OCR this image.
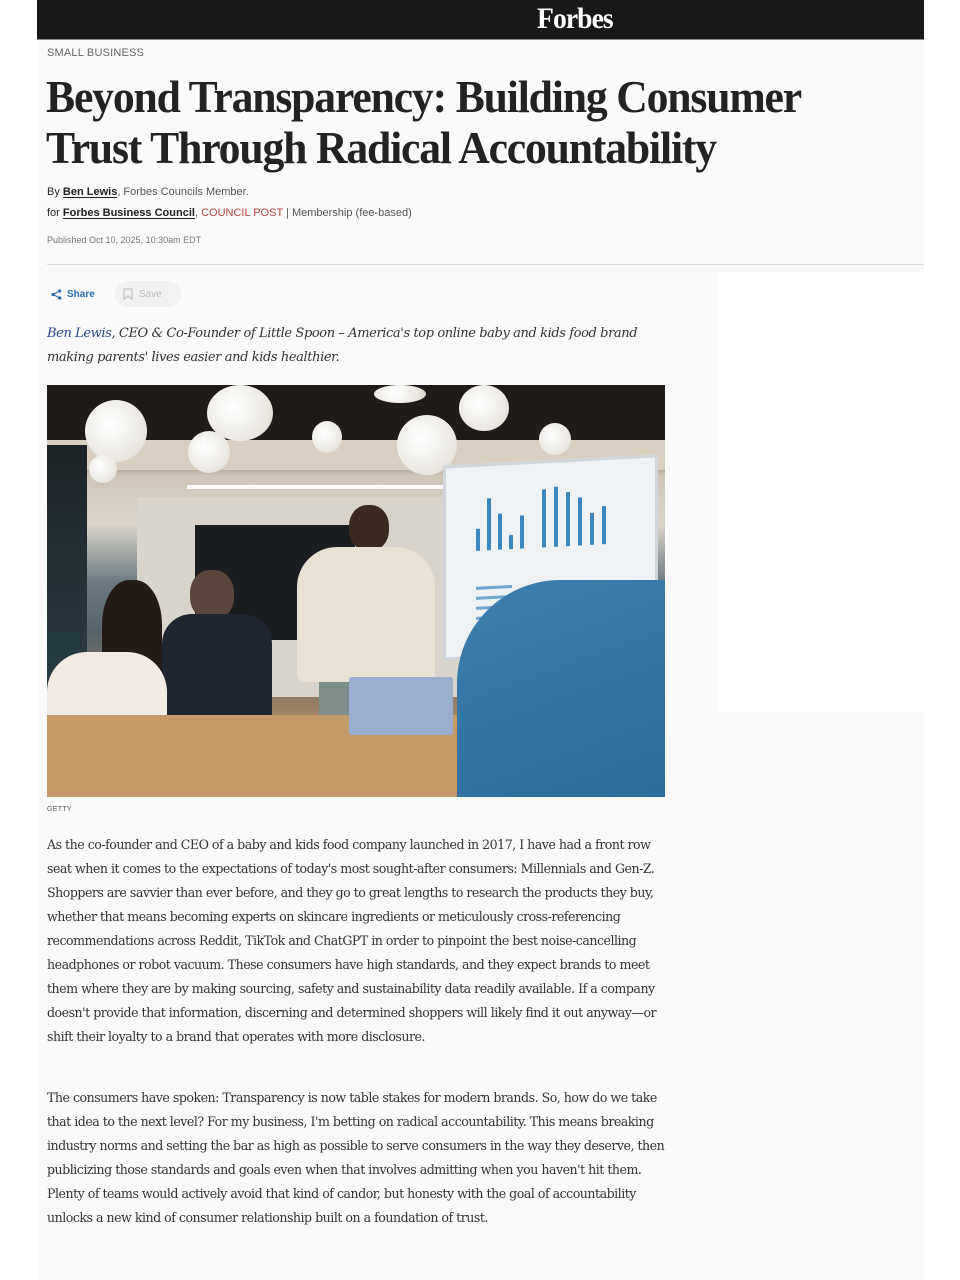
Forbes
SMALL BUSINESS
Beyond Transparency: Building Consumer Trust Through Radical Accountability
By Ben Lewis, Forbes Councils Member.
for Forbes Business Council, COUNCIL POST | Membership (fee-based)
Published Oct 10, 2025, 10:30am EDT
Share	Save

Ben Lewis, CEO & Co-Founder of Little Spoon – America's top online baby and kids food brand making parents' lives easier and kids healthier.

GETTY

As the co-founder and CEO of a baby and kids food company launched in 2017, I have had a front row seat when it comes to the expectations of today's most sought-after consumers: Millennials and Gen-Z. Shoppers are savvier than ever before, and they go to great lengths to research the products they buy, whether that means becoming experts on skincare ingredients or meticulously cross-referencing recommendations across Reddit, TikTok and ChatGPT in order to pinpoint the best noise-cancelling headphones or robot vacuum. These consumers have high standards, and they expect brands to meet them where they are by making sourcing, safety and sustainability data readily available. If a company doesn't provide that information, discerning and determined shoppers will likely find it out anyway—or shift their loyalty to a brand that operates with more disclosure.

The consumers have spoken: Transparency is now table stakes for modern brands. So, how do we take that idea to the next level? For my business, I'm betting on radical accountability. This means breaking industry norms and setting the bar as high as possible to serve consumers in the way they deserve, then publicizing those standards and goals even when that involves admitting when you haven't hit them. Plenty of teams would actively avoid that kind of candor, but honesty with the goal of accountability unlocks a new kind of consumer relationship built on a foundation of trust.
